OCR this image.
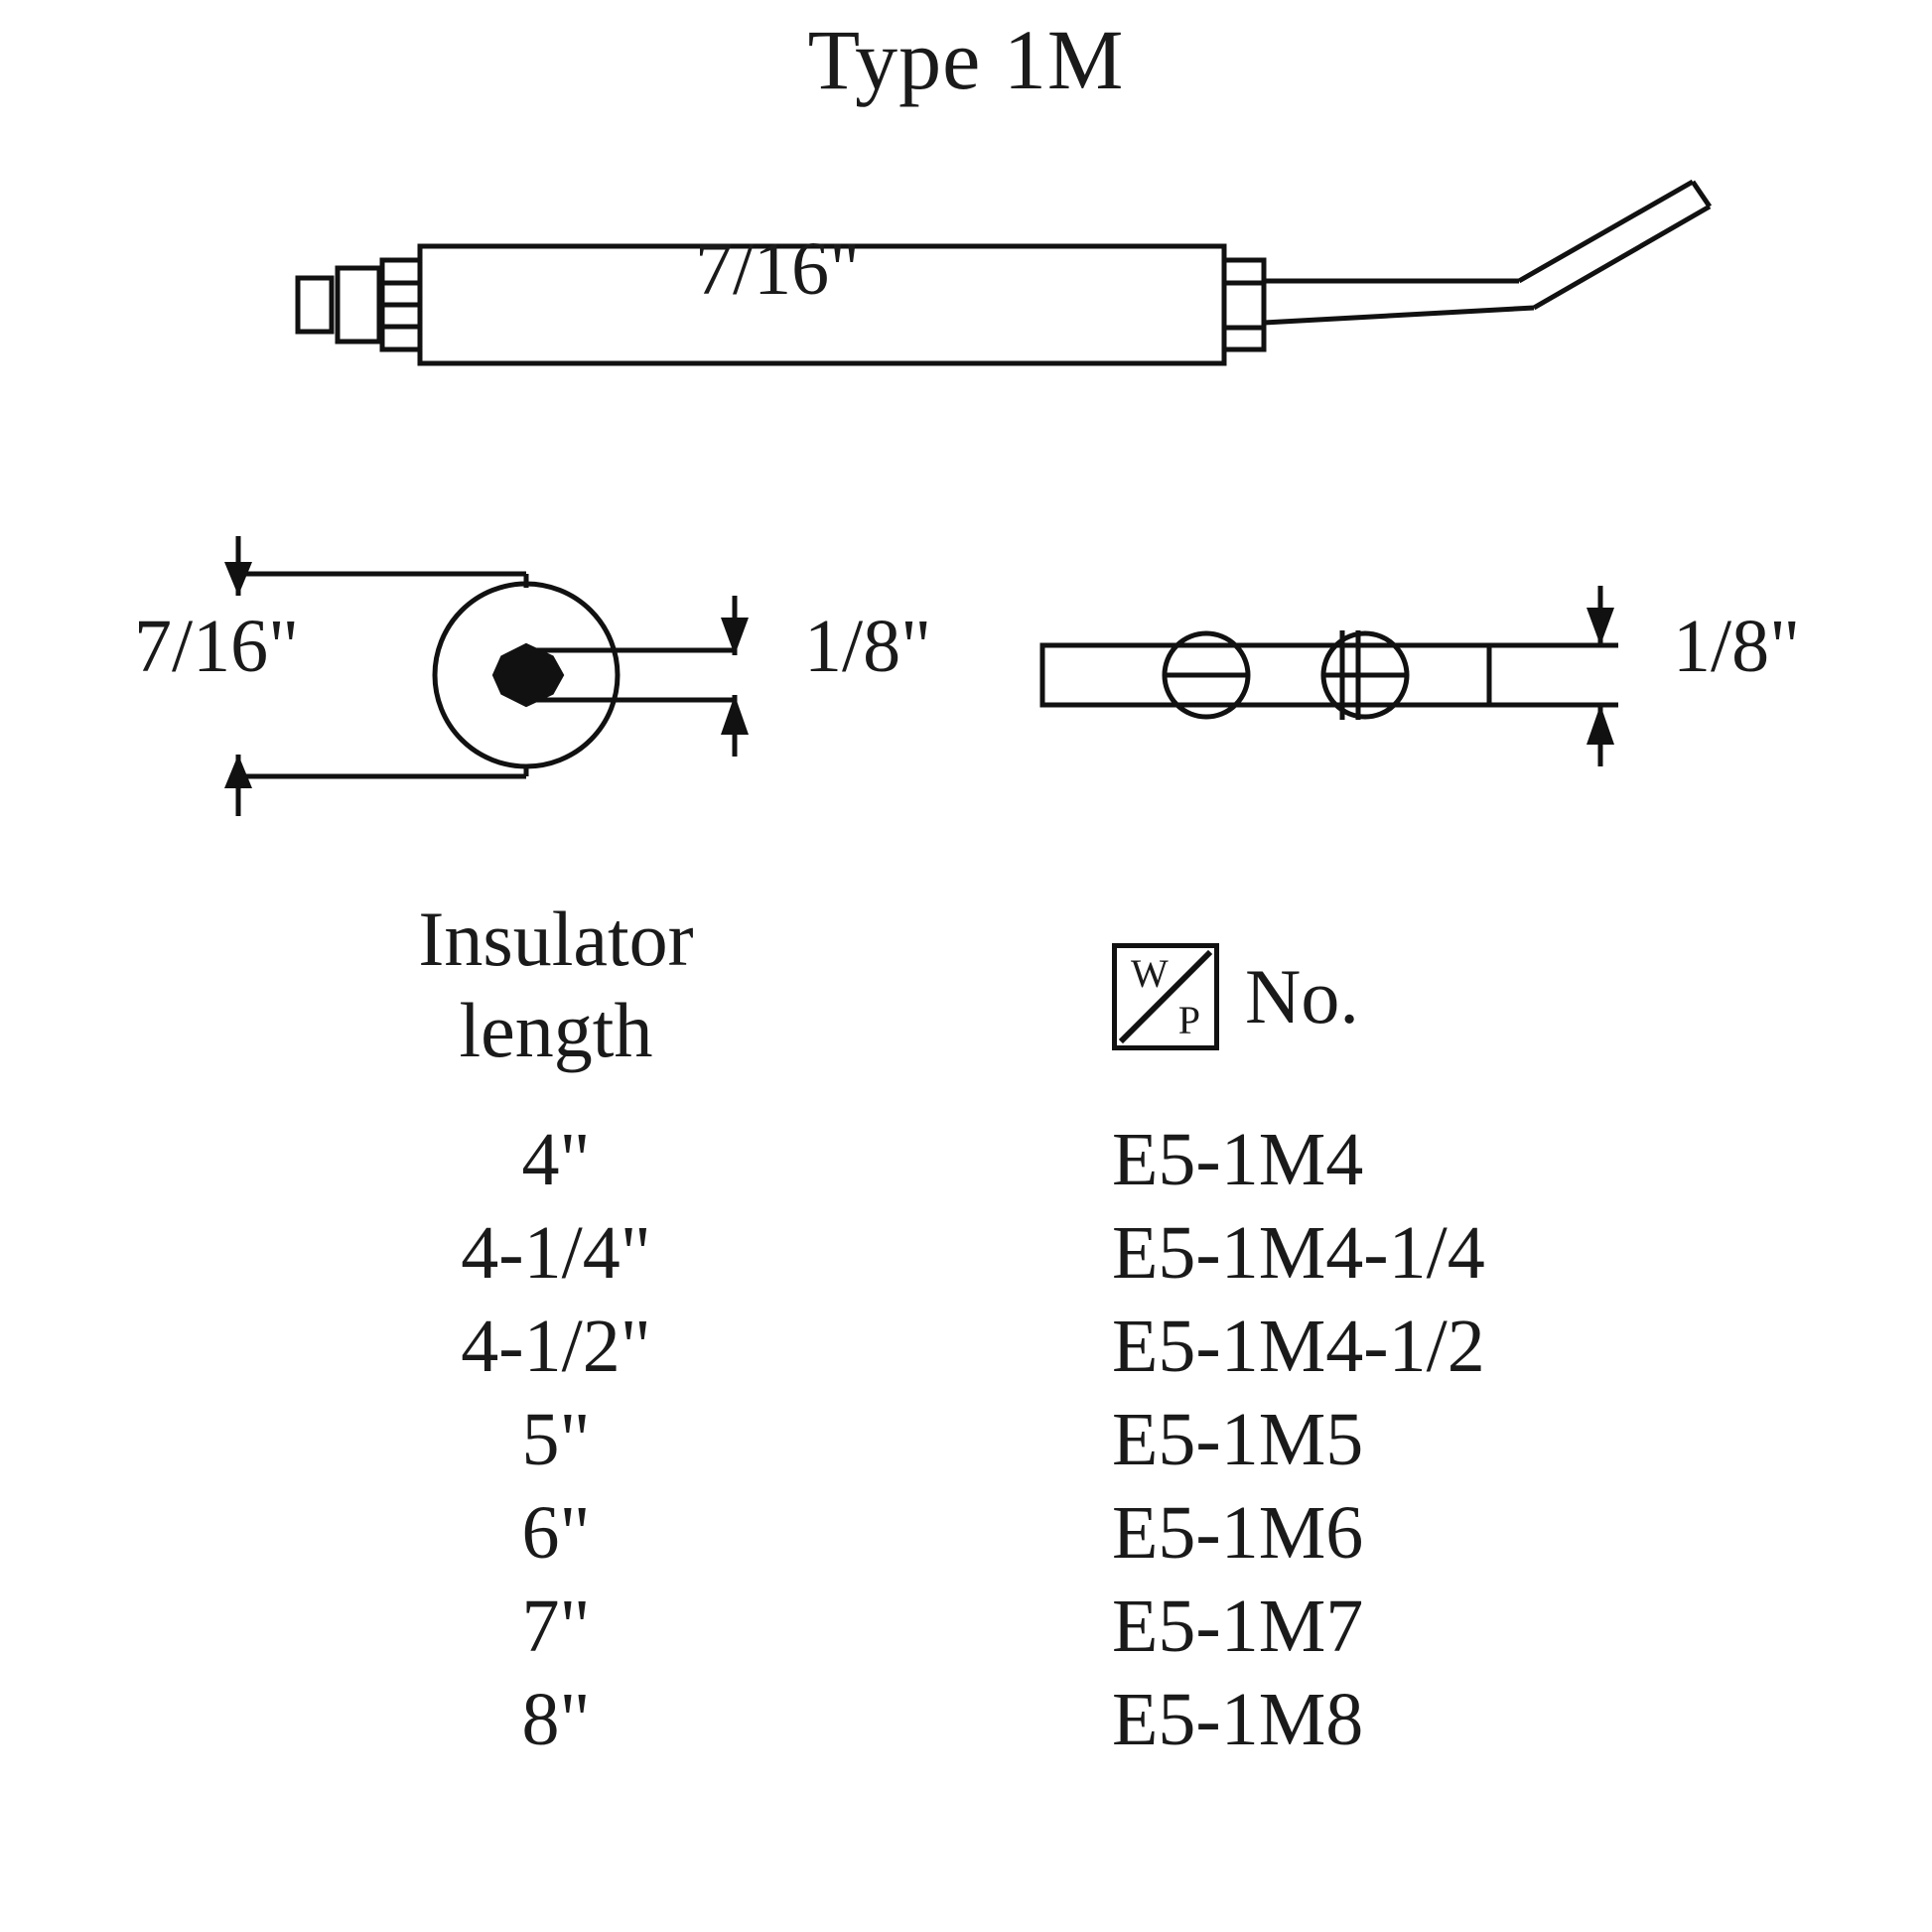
Type 1M
7/16"
7/16"	1/8"	1/8"
Insulator
length
W
P No.
4"	E5-1M4
4-1/4"	E5-1M4-1/4
4-1/2"	E5-1M4-1/2
5"	E5-1M5
6"	E5-1M6
7"	E5-1M7
8"	E5-1M8
